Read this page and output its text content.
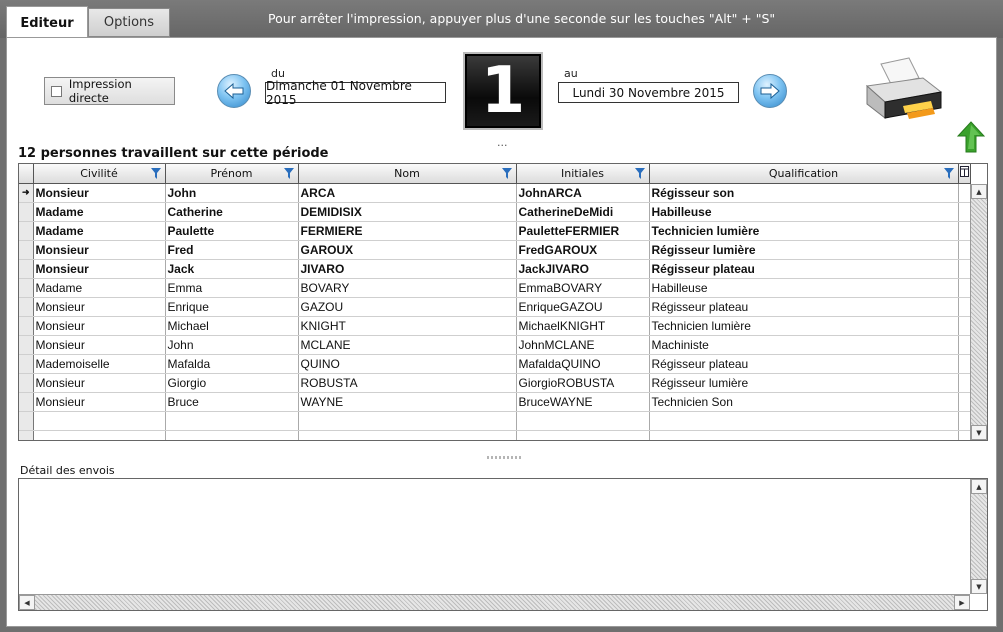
Editeur	Options	Pour arrêter l'impression, appuyer plus d'une seconde sur les touches "Alt" + "S"
Impression directe
du
Dimanche 01 Novembre 2015	1
...
au
Lundi 30 Novembre 2015
12 personnes travaillent sur cette période
	Civilité	Prénom	Nom	Initiales	Qualification

➜	Monsieur	John	ARCA	JohnARCA	Régisseur son	
	Madame	Catherine	DEMIDISIX	CatherineDeMidi	Habilleuse	
	Madame	Paulette	FERMIERE	PauletteFERMIER	Technicien lumière	
	Monsieur	Fred	GAROUX	FredGAROUX	Régisseur lumière	
	Monsieur	Jack	JIVARO	JackJIVARO	Régisseur plateau	
	Madame	Emma	BOVARY	EmmaBOVARY	Habilleuse	
	Monsieur	Enrique	GAZOU	EnriqueGAZOU	Régisseur plateau	
	Monsieur	Michael	KNIGHT	MichaelKNIGHT	Technicien lumière	
	Monsieur	John	MCLANE	JohnMCLANE	Machiniste	
	Mademoiselle	Mafalda	QUINO	MafaldaQUINO	Régisseur plateau	
	Monsieur	Giorgio	ROBUSTA	GiorgioROBUSTA	Régisseur lumière	
	Monsieur	Bruce	WAYNE	BruceWAYNE	Technicien Son	

▲
▼
Détail des envois
▲
▼
◀	▶
